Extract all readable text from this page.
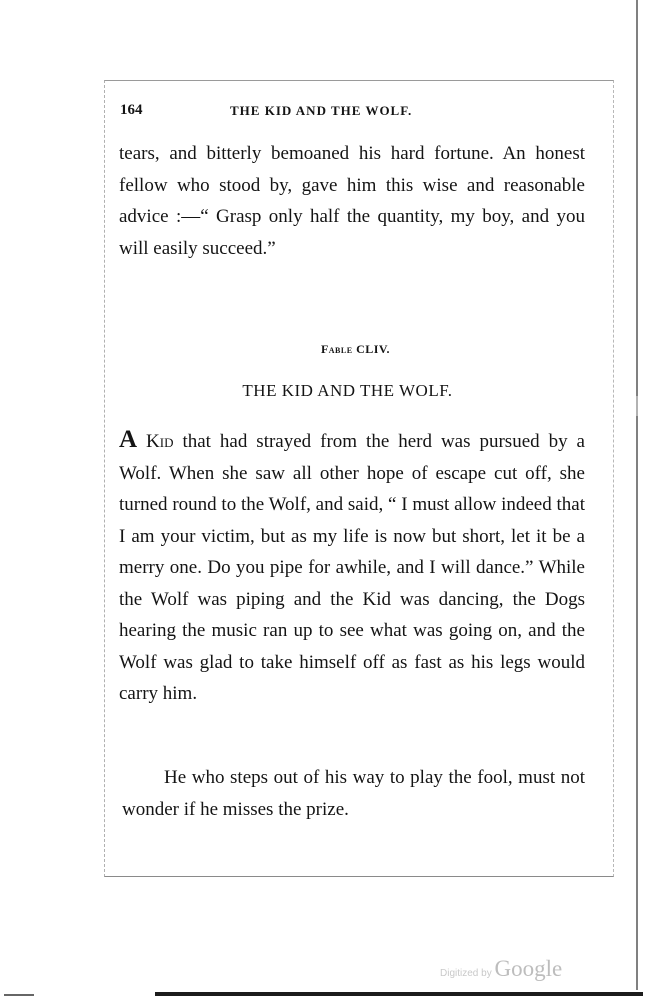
164	THE KID AND THE WOLF.

tears, and bitterly bemoaned his hard fortune. An honest fellow who stood by, gave him this wise and reasonable advice :—“ Grasp only half the quantity, my boy, and you will easily succeed.”

Fable CLIV.
THE KID AND THE WOLF.

A Kid that had strayed from the herd was pursued by a Wolf. When she saw all other hope of escape cut off, she turned round to the Wolf, and said, “ I must allow indeed that I am your victim, but as my life is now but short, let it be a merry one. Do you pipe for awhile, and I will dance.” While the Wolf was piping and the Kid was dancing, the Dogs hearing the music ran up to see what was going on, and the Wolf was glad to take himself off as fast as his legs would carry him.

He who steps out of his way to play the fool, must not wonder if he misses the prize.

Digitized by Google
